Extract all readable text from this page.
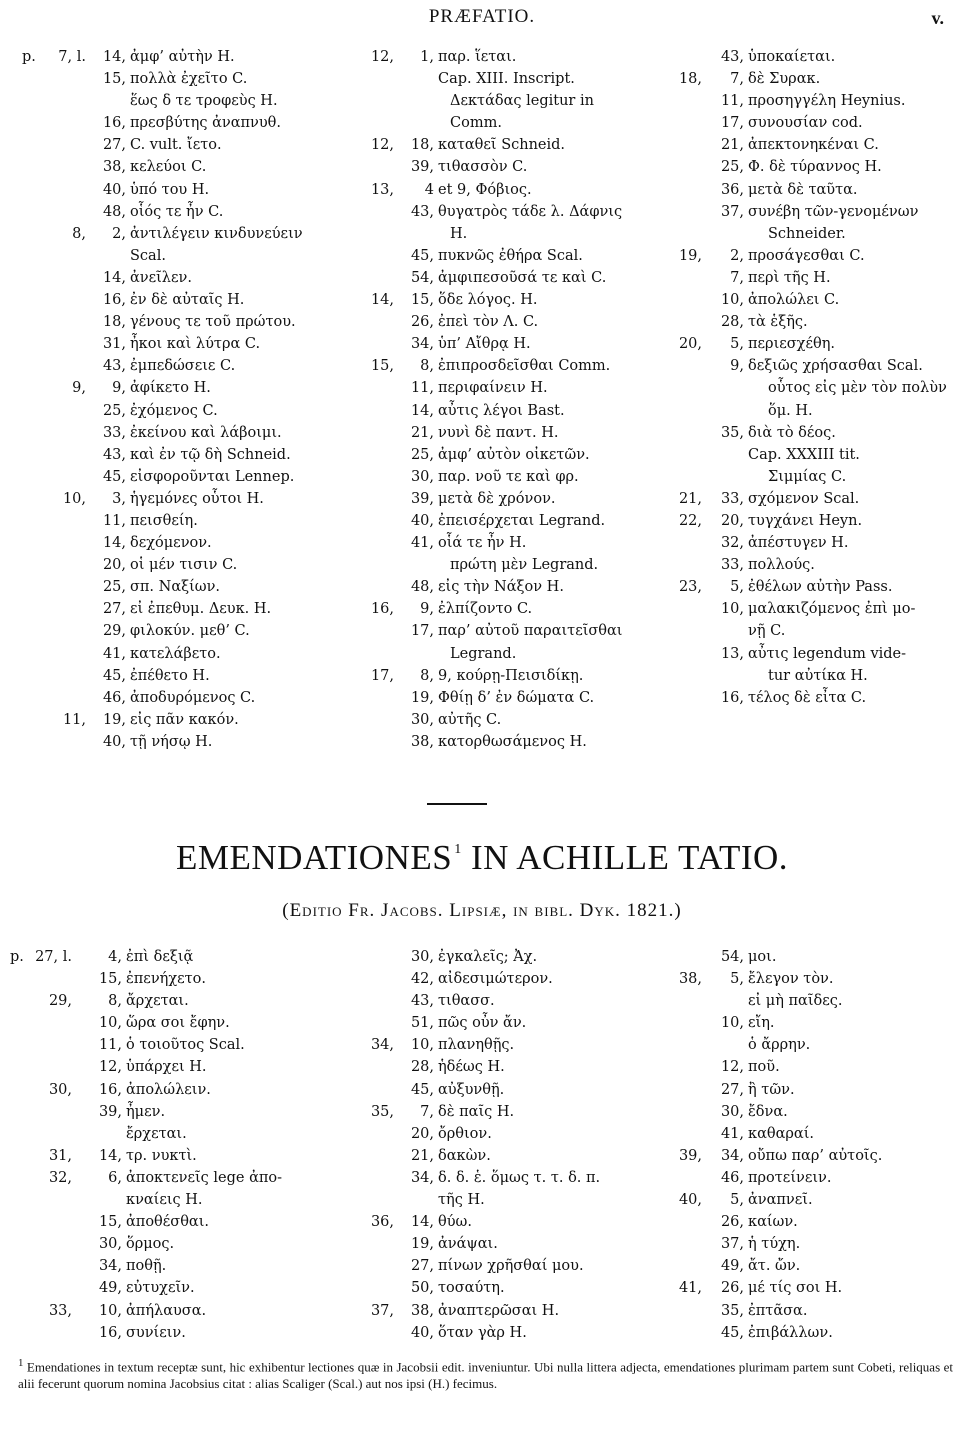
PRÆFATIO.	v.
p.	7, l.	14, ἀμφ’ αὐτὴν H.
15, πολλὰ ἐχεῖτο C.
ἕως δ τε τροφεὺς H.
16, πρεσβύτης ἀναπνυθ.
27, C. vult. ἴετο.
38, κελεύοι C.
40, ὑπό του H.
48, οἷός τε ἦν C.
8,	2, ἀντιλέγειν κινδυνεύειν
Scal.
14, ἀνεῖλεν.
16, ἐν δὲ αὐταῖς H.
18, γένους τε τοῦ πρώτου.
31, ἦκοι καὶ λύτρα C.
43, ἐμπεδώσειε C.
9,	9, ἀφίκετο H.
25, ἐχόμενος C.
33, ἐκείνου καὶ λάβοιμι.
43, καὶ ἐν τῷ δὴ Schneid.
45, εἰσφοροῦνται Lennep.
10,	3, ἡγεμόνες οὗτοι H.
11, πεισθείη.
14, δεχόμενον.
20, οἱ μέν τισιν C.
25, σπ. Ναξίων.
27, εἰ ἐπεθυμ. Δευκ. H.
29, φιλοκύν. μεθ’ C.
41, κατελάβετο.
45, ἐπέθετο H.
46, ἀποδυρόμενος C.
11,	19, εἰς πᾶν κακόν.
40, τῇ νήσῳ H.
12,	1, παρ. ἵεται.
Cap. XIII. Inscript.
Δεκτάδας legitur in
Comm.
12,	18, καταθεῖ Schneid.
39, τιθασσὸν C.
13,	4 et 9, Φόβιος.
43, θυγατρὸς τάδε λ. Δάφνις
H.
45, πυκνῶς ἐθήρα Scal.
54, ἀμφιπεσοῦσά τε καὶ C.
14,	15, ὅδε λόγος. H.
26, ἐπεὶ τὸν Λ. C.
34, ὑπ’ Αἴθρᾳ H.
15,	8, ἐπιπροσδεῖσθαι Comm.
11, περιφαίνειν H.
14, αὖτις λέγοι Bast.
21, νυνὶ δὲ παντ. H.
25, ἀμφ’ αὐτὸν οἰκετῶν.
30, παρ. νοῦ τε καὶ φρ.
39, μετὰ δὲ χρόνον.
40, ἐπεισέρχεται Legrand.
41, οἷά τε ἦν H.
πρώτη μὲν Legrand.
48, εἰς τὴν Νάξον H.
16,	9, ἐλπίζοντο C.
17, παρ’ αὐτοῦ παραιτεῖσθαι
Legrand.
17,	8, 9, κούρῃ-Πεισιδίκῃ.
19, Φθίῃ δ’ ἐν δώματα C.
30, αὐτῆς C.
38, κατορθωσάμενος H.
43, ὑποκαίεται.
18,	7, δὲ Συρακ.
11, προσηγγέλη Heynius.
17, συνουσίαν cod.
21, ἀπεκτονηκέναι C.
25, Φ. δὲ τύραννος H.
36, μετὰ δὲ ταῦτα.
37, συνέβη τῶν-γενομένων
Schneider.
19,	2, προσάγεσθαι C.
7, περὶ τῆς H.
10, ἀπολώλει C.
28, τὰ ἑξῆς.
20,	5, περιεσχέθη.
9, δεξιῶς χρήσασθαι Scal.
οὗτος εἰς μὲν τὸν πολὺν
ὅμ. H.
35, διὰ τὸ δέος.
Cap. XXXIII tit.
Σιμμίας C.
21,	33, σχόμενον Scal.
22,	20, τυγχάνει Heyn.
32, ἀπέστυγεν H.
33, πολλούς.
23,	5, ἐθέλων αὐτὴν Pass.
10, μαλακιζόμενος ἐπὶ μο-
νῇ C.
13, αὖτις legendum vide-
tur αὐτίκα H.
16, τέλος δὲ εἶτα C.
EMENDATIONES $^1$ IN ACHILLE TATIO.
(Editio Fr. Jacobs. Lipsiæ, in bibl. Dyk. 1821.)
p. 27, l.	4, ἐπὶ δεξιᾷ
15, ἐπενήχετο.
29,	8, ἄρχεται.
10, ὥρα σοι ἔφην.
11, ὁ τοιοῦτος Scal.
12, ὑπάρχει H.
30,	16, ἀπολώλειν.
39, ἦμεν.
ἔρχεται.
31,	14, τρ. νυκτὶ.
32,	6, ἀποκτενεῖς lege ἀπο-
κναίεις H.
15, ἀποθέσθαι.
30, ὅρμος.
34, ποθῇ.
49, εὐτυχεῖν.
33,	10, ἀπήλαυσα.
16, συνίειν.
30, ἐγκαλεῖς; Ἀχ.
42, αἰδεσιμώτερον.
43, τιθασσ.
51, πῶς οὖν ἄν.
34,	10, πλανηθῇς.
28, ἡδέως H.
45, αὐξυνθῇ.
35,	7, δὲ παῖς H.
20, ὄρθιον.
21, δακὼν.
34, δ. δ. ἑ. ὅμως τ. τ. δ. π.
τῆς H.
36,	14, θύω.
19, ἀνάψαι.
27, πίνων χρῆσθαί μου.
50, τοσαύτη.
37,	38, ἀναπτερῶσαι H.
40, ὅταν γὰρ H.
54, μοι.
38,	5, ἔλεγον τὸν.
εἰ μὴ παῖδες.
10, εἴη.
ὁ ἄρρην.
12, ποῦ.
27, ἢ τῶν.
30, ἔδνα.
41, καθαραί.
39,	34, οὔπω παρ’ αὐτοῖς.
46, προτείνειν.
40,	5, ἀναπνεῖ.
26, καίων.
37, ἡ τύχη.
49, ἄτ. ὤν.
41,	26, μέ τίς σοι H.
35, ἐπτᾶσα.
45, ἐπιβάλλων.
$^1$ Emendationes in textum receptæ sunt, hic exhibentur lectiones quæ in Jacobsii edit. inveniuntur. Ubi nulla littera adjecta, emendationes plurimam partem sunt Cobeti, reliquas et alii fecerunt quorum nomina Jacobsius citat : alias Scaliger (Scal.) aut nos ipsi (H.) fecimus.
